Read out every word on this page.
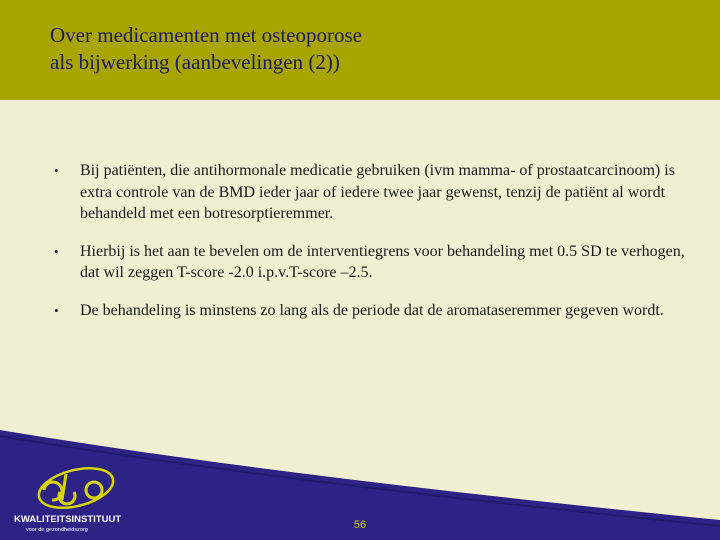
Over medicamenten met osteoporose
als bijwerking (aanbevelingen (2))
• Bij patiënten, die antihormonale medicatie gebruiken (ivm mamma- of prostaatcarcinoom) is extra controle van de BMD ieder jaar of iedere twee jaar gewenst, tenzij de patiënt al wordt behandeld met een botresorptieremmer.
• Hierbij is het aan te bevelen om de interventiegrens voor behandeling met 0.5 SD te verhogen, dat wil zeggen T-score -2.0 i.p.v.T-score –2.5.
• De behandeling is minstens zo lang als de periode dat de aromataseremmer gegeven wordt.
KWALITEITSINSTITUUT
voor de gezondheidszorg	56
